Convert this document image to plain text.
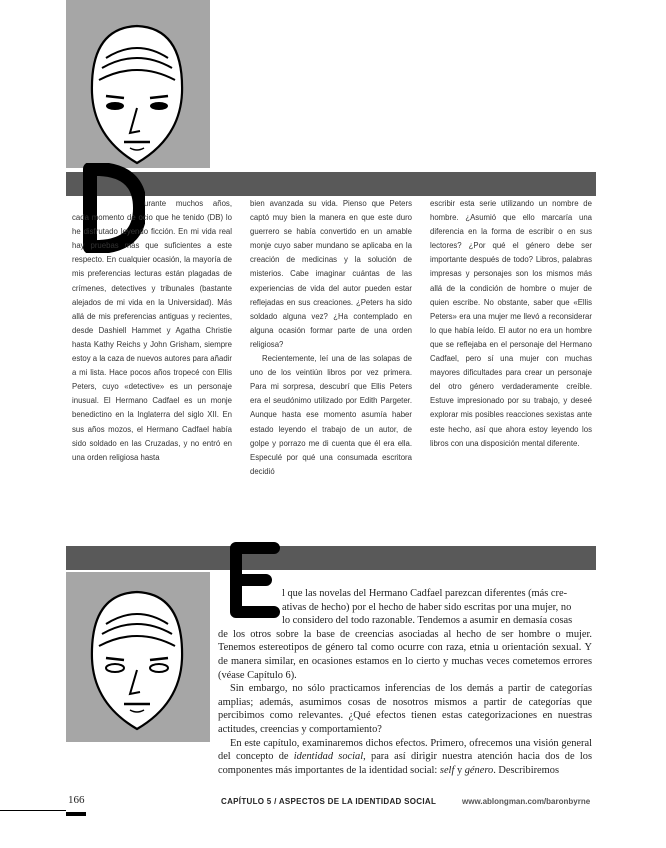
urante muchos años, cada momento de ocio que he tenido (DB) lo he disfrutado leyendo ficción. En mi vida real hay pruebas más que suficientes a este respecto. En cualquier ocasión, la mayoría de mis preferencias lecturas están plagadas de crímenes, detectives y tribunales (bastante alejados de mi vida en la Universidad). Más allá de mis preferencias antiguas y recientes, desde Dashiell Hammet y Agatha Christie hasta Kathy Reichs y John Grisham, siempre estoy a la caza de nuevos autores para añadir a mi lista. Hace pocos años tropecé con Ellis Peters, cuyo «detective» es un personaje inusual. El Hermano Cadfael es un monje benedictino en la Inglaterra del siglo XII. En sus años mozos, el Hermano Cadfael había sido soldado en las Cruzadas, y no entró en una orden religiosa hasta

bien avanzada su vida. Pienso que Peters captó muy bien la manera en que este duro guerrero se había convertido en un amable monje cuyo saber mundano se aplicaba en la creación de medicinas y la solución de misterios. Cabe imaginar cuántas de las experiencias de vida del autor pueden estar reflejadas en sus creaciones. ¿Peters ha sido soldado alguna vez? ¿Ha contemplado en alguna ocasión formar parte de una orden religiosa?

Recientemente, leí una de las solapas de uno de los veintiún libros por vez primera. Para mi sorpresa, descubrí que Ellis Peters era el seudónimo utilizado por Edith Pargeter. Aunque hasta ese momento asumía haber estado leyendo el trabajo de un autor, de golpe y porrazo me di cuenta que él era ella. Especulé por qué una consumada escritora decidió

escribir esta serie utilizando un nombre de hombre. ¿Asumió que ello marcaría una diferencia en la forma de escribir o en sus lectores? ¿Por qué el género debe ser importante después de todo? Libros, palabras impresas y personajes son los mismos más allá de la condición de hombre o mujer de quien escribe. No obstante, saber que «Ellis Peters» era una mujer me llevó a reconsiderar lo que había leído. El autor no era un hombre que se reflejaba en el personaje del Hermano Cadfael, pero sí una mujer con muchas mayores dificultades para crear un personaje del otro género verdaderamente creíble. Estuve impresionado por su trabajo, y deseé explorar mis posibles reacciones sexistas ante este hecho, así que ahora estoy leyendo los libros con una disposición mental diferente.

l que las novelas del Hermano Cadfael parezcan diferentes (más cre-
ativas de hecho) por el hecho de haber sido escritas por una mujer, no
lo considero del todo razonable. Tendemos a asumir en demasía cosas

de los otros sobre la base de creencias asociadas al hecho de ser hombre o mujer. Tenemos estereotipos de género tal como ocurre con raza, etnia u orientación sexual. Y de manera similar, en ocasiones estamos en lo cierto y muchas veces cometemos errores (véase Capítulo 6).

Sin embargo, no sólo practicamos inferencias de los demás a partir de categorías amplias; además, asumimos cosas de nosotros mismos a partir de categorías que percibimos como relevantes. ¿Qué efectos tienen estas categorizaciones en nuestras actitudes, creencias y comportamiento?

En este capítulo, examinaremos dichos efectos. Primero, ofrecemos una visión general del concepto de identidad social, para así dirigir nuestra atención hacia dos de los componentes más importantes de la identidad social: self y género. Describiremos

166	CAPÍTULO 5 / ASPECTOS DE LA IDENTIDAD SOCIAL	www.ablongman.com/baronbyrne
